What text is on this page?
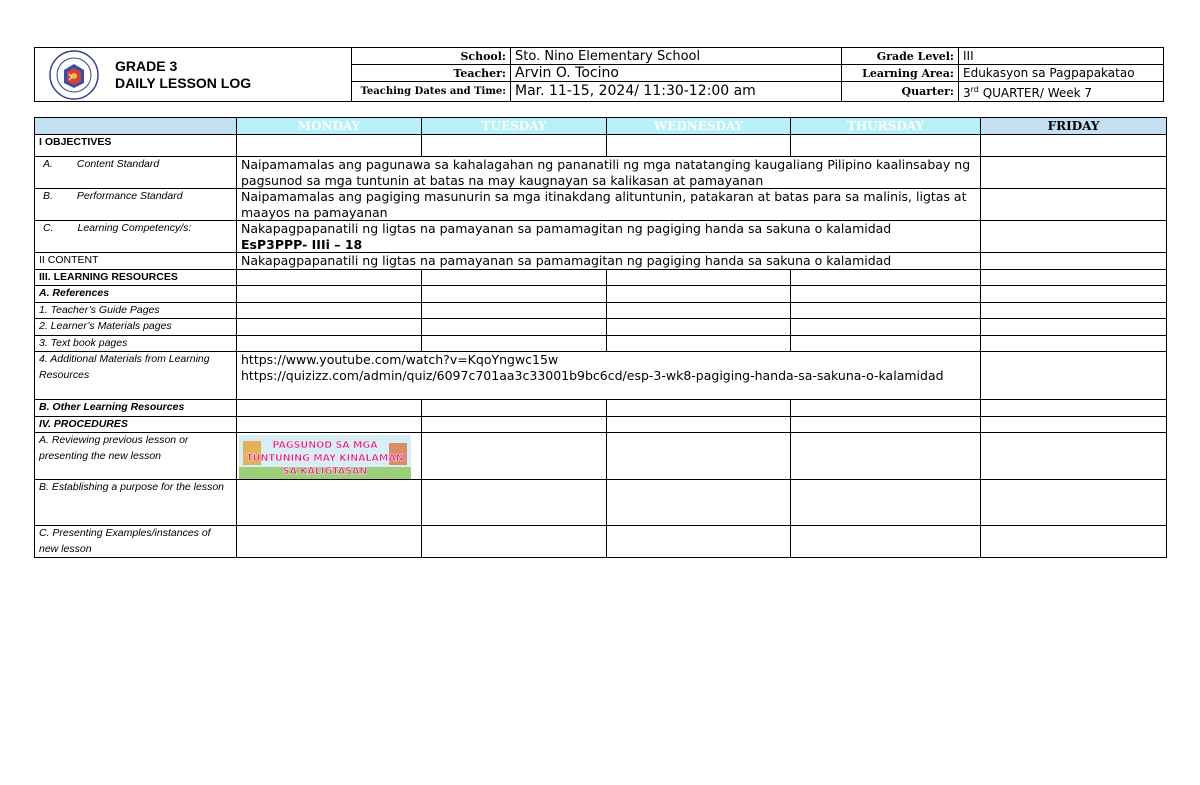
GRADE 3
DAILY LESSON LOG	School:	Sto. Nino Elementary School	Grade Level:	III
	Teacher:	Arvin O. Tocino	Learning Area:	Edukasyon sa Pagpapakatao
	Teaching Dates and Time:	Mar. 11-15, 2024/ 11:30-12:00 am	Quarter:	3rd QUARTER/ Week 7
	MONDAY	TUESDAY	WEDNESDAY	THURSDAY	FRIDAY
I OBJECTIVES					
A. Content Standard	Naipamamalas ang pagunawa sa kahalagahan ng pananatili ng mga natatanging kaugaliang Pilipino kaalinsabay ng pagsunod sa mga tuntunin at batas na may kaugnayan sa kalikasan at pamayanan				
B. Performance Standard	Naipamamalas ang pagiging masunurin sa mga itinakdang alituntunin, patakaran at batas para sa malinis, ligtas at maayos na pamayanan				
C. Learning Competency/s:	Nakapagpapanatili ng ligtas na pamayanan sa pamamagitan ng pagiging handa sa sakuna o kalamidad
EsP3PPP- IIIi – 18				

II CONTENT	Nakapagpapanatili ng ligtas na pamayanan sa pamamagitan ng pagiging handa sa sakuna o kalamidad				
III. LEARNING RESOURCES					
A. References					
1. Teacher’s Guide Pages					
2. Learner’s Materials pages					
3. Text book pages					
4. Additional Materials from Learning Resources	https://www.youtube.com/watch?v=KqoYngwc15w
https://quizizz.com/admin/quiz/6097c701aa3c33001b9bc6cd/esp-3-wk8-pagiging-handa-sa-sakuna-o-kalamidad				

B. Other Learning Resources					
IV. PROCEDURES					
A. Reviewing previous lesson or presenting the new lesson	PAGSUNOD SA MGA
TUNTUNING MAY KINALAMAN
SA KALIGTASAN				

B. Establishing a purpose for the lesson					
C. Presenting Examples/instances of new lesson					
